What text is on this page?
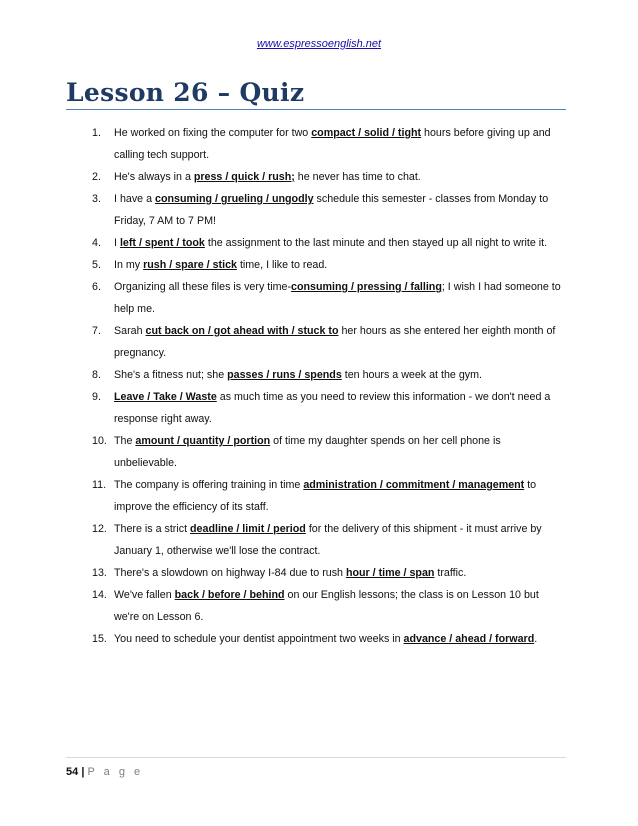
www.espressoenglish.net
Lesson 26 – Quiz
1. He worked on fixing the computer for two compact / solid / tight hours before giving up and calling tech support.
2. He's always in a press / quick / rush; he never has time to chat.
3. I have a consuming / grueling / ungodly schedule this semester - classes from Monday to Friday, 7 AM to 7 PM!
4. I left / spent / took the assignment to the last minute and then stayed up all night to write it.
5. In my rush / spare / stick time, I like to read.
6. Organizing all these files is very time-consuming / pressing / falling; I wish I had someone to help me.
7. Sarah cut back on / got ahead with / stuck to her hours as she entered her eighth month of pregnancy.
8. She's a fitness nut; she passes / runs / spends ten hours a week at the gym.
9. Leave / Take / Waste as much time as you need to review this information - we don't need a response right away.
10. The amount / quantity / portion of time my daughter spends on her cell phone is unbelievable.
11. The company is offering training in time administration / commitment / management to improve the efficiency of its staff.
12. There is a strict deadline / limit / period for the delivery of this shipment - it must arrive by January 1, otherwise we'll lose the contract.
13. There's a slowdown on highway I-84 due to rush hour / time / span traffic.
14. We've fallen back / before / behind on our English lessons; the class is on Lesson 10 but we're on Lesson 6.
15. You need to schedule your dentist appointment two weeks in advance / ahead / forward.
54 | P a g e
